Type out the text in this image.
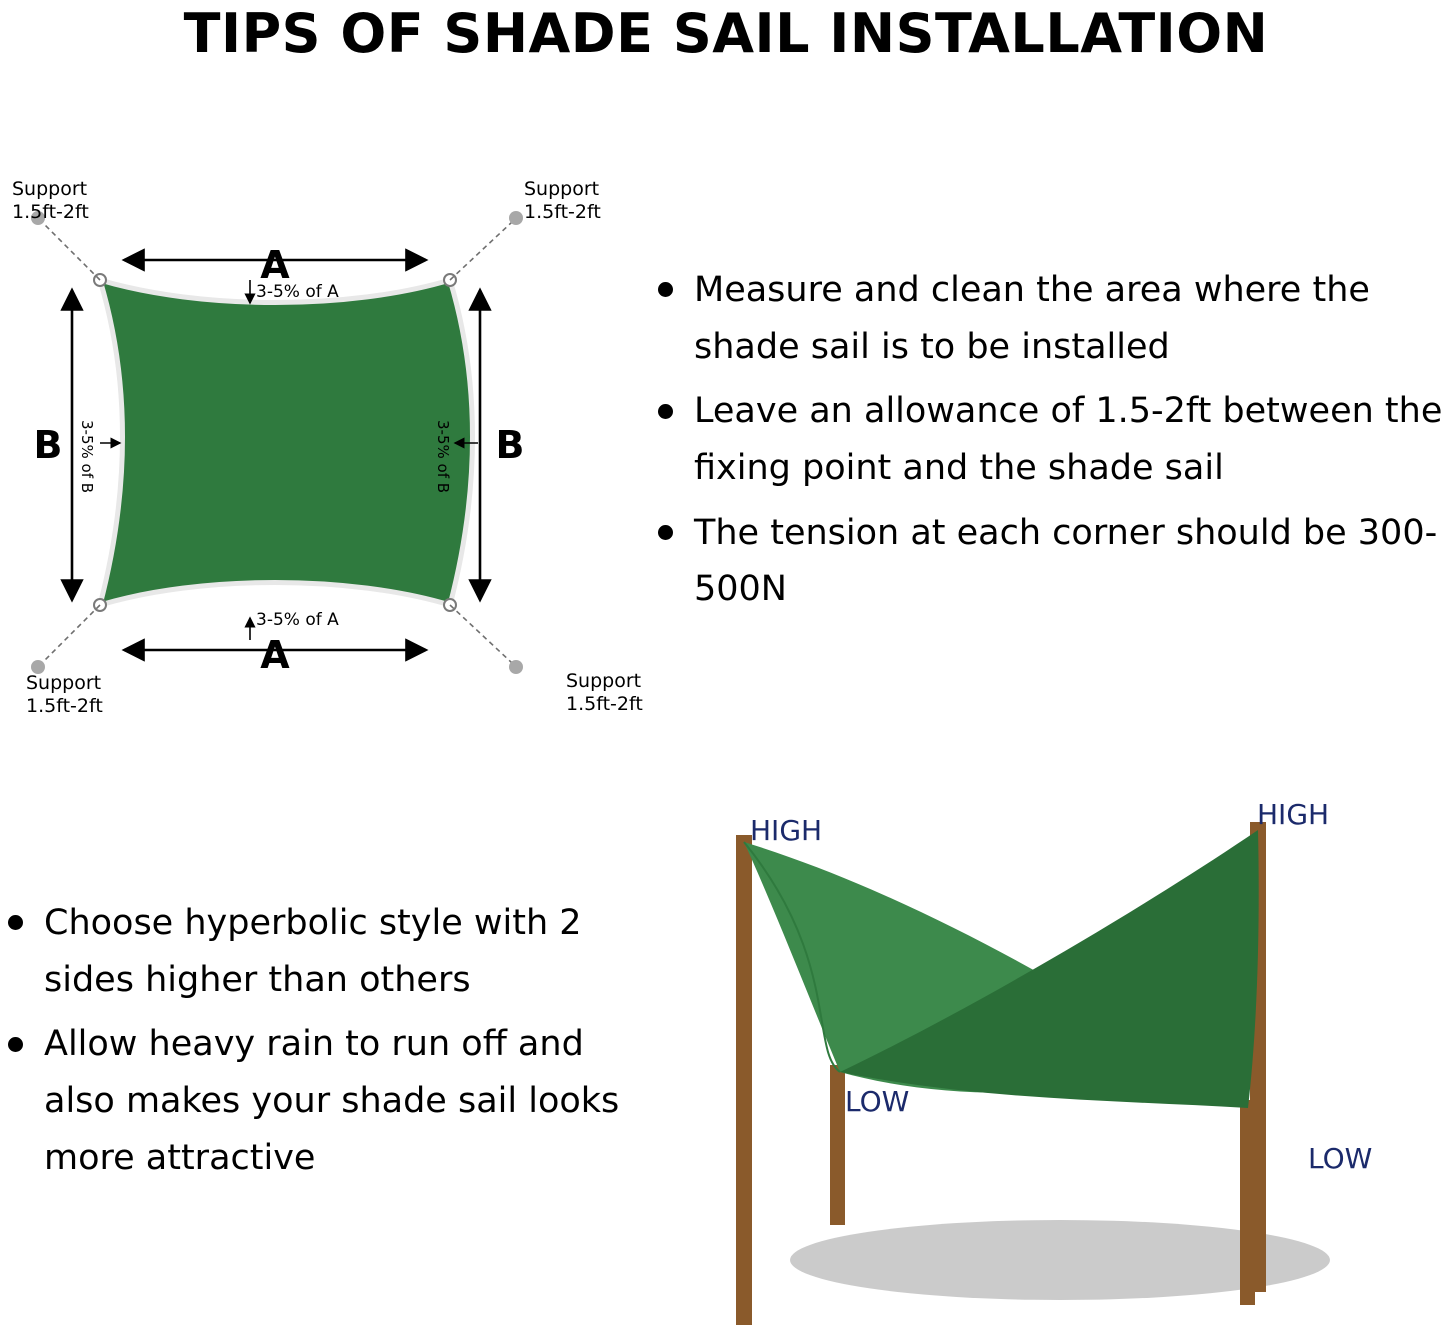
TIPS OF SHADE SAIL INSTALLATION
A
A
B	B
Support
1.5ft-2ft
Support
1.5ft-2ft
Support
1.5ft-2ft
Support
1.5ft-2ft
3-5% of A
3-5% of A
3-5% of B	3-5% of B
Measure and clean the area where the shade sail is to be installed
Leave an allowance of 1.5-2ft between the fixing point and the shade sail
The tension at each corner should be 300-500N
Choose hyperbolic style with 2 sides higher than others
Allow heavy rain to run off and also makes your shade sail looks more attractive
HIGH	HIGH
LOW
LOW
